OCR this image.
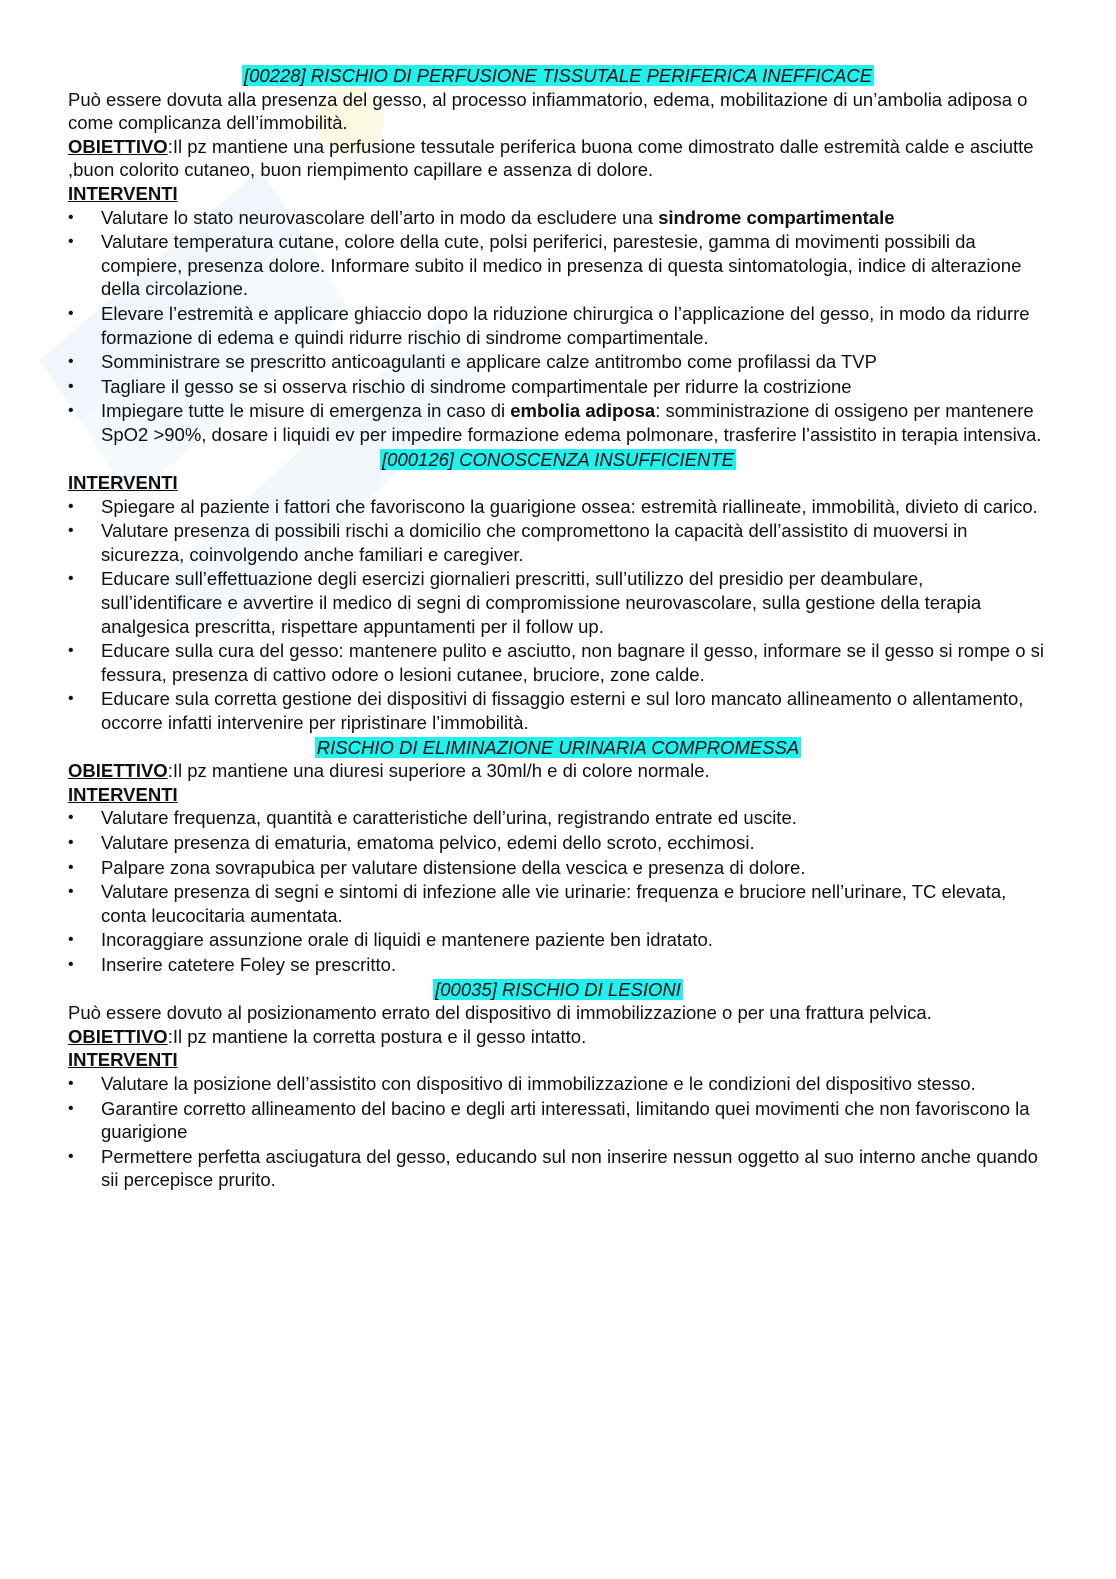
[00228] RISCHIO DI PERFUSIONE TISSUTALE PERIFERICA INEFFICACE

Può essere dovuta alla presenza del gesso, al processo infiammatorio, edema, mobilitazione di un’ambolia adiposa o come complicanza dell’immobilità.

OBIETTIVO:Il pz mantiene una perfusione tessutale periferica buona come dimostrato dalle estremità calde e asciutte ,buon colorito cutaneo, buon riempimento capillare e assenza di dolore.

INTERVENTI

• Valutare lo stato neurovascolare dell’arto in modo da escludere una sindrome compartimentale
• Valutare temperatura cutane, colore della cute, polsi periferici, parestesie, gamma di movimenti possibili da compiere, presenza dolore. Informare subito il medico in presenza di questa sintomatologia, indice di alterazione della circolazione.
• Elevare l’estremità e applicare ghiaccio dopo la riduzione chirurgica o l’applicazione del gesso, in modo da ridurre formazione di edema e quindi ridurre rischio di sindrome compartimentale.
• Somministrare se prescritto anticoagulanti e applicare calze antitrombo come profilassi da TVP
• Tagliare il gesso se si osserva rischio di sindrome compartimentale per ridurre la costrizione
• Impiegare tutte le misure di emergenza in caso di embolia adiposa: somministrazione di ossigeno per mantenere SpO2 >90%, dosare i liquidi ev per impedire formazione edema polmonare, trasferire l’assistito in terapia intensiva.

[000126] CONOSCENZA INSUFFICIENTE

INTERVENTI

• Spiegare al paziente i fattori che favoriscono la guarigione ossea: estremità riallineate, immobilità, divieto di carico.
• Valutare presenza di possibili rischi a domicilio che compromettono la capacità dell’assistito di muoversi in sicurezza, coinvolgendo anche familiari e caregiver.
• Educare sull’effettuazione degli esercizi giornalieri prescritti, sull’utilizzo del presidio per deambulare, sull’identificare e avvertire il medico di segni di compromissione neurovascolare, sulla gestione della terapia analgesica prescritta, rispettare appuntamenti per il follow up.
• Educare sulla cura del gesso: mantenere pulito e asciutto, non bagnare il gesso, informare se il gesso si rompe o si fessura, presenza di cattivo odore o lesioni cutanee, bruciore, zone calde.
• Educare sula corretta gestione dei dispositivi di fissaggio esterni e sul loro mancato allineamento o allentamento, occorre infatti intervenire per ripristinare l’immobilità.

RISCHIO DI ELIMINAZIONE URINARIA COMPROMESSA

OBIETTIVO:Il pz mantiene una diuresi superiore a 30ml/h e di colore normale.

INTERVENTI

• Valutare frequenza, quantità e caratteristiche dell’urina, registrando entrate ed uscite.
• Valutare presenza di ematuria, ematoma pelvico, edemi dello scroto, ecchimosi.
• Palpare zona sovrapubica per valutare distensione della vescica e presenza di dolore.
• Valutare presenza di segni e sintomi di infezione alle vie urinarie: frequenza e bruciore nell’urinare, TC elevata, conta leucocitaria aumentata.
• Incoraggiare assunzione orale di liquidi e mantenere paziente ben idratato.
• Inserire catetere Foley se prescritto.

[00035] RISCHIO DI LESIONI

Può essere dovuto al posizionamento errato del dispositivo di immobilizzazione o per una frattura pelvica.

OBIETTIVO:Il pz mantiene la corretta postura e il gesso intatto.

INTERVENTI

• Valutare la posizione dell’assistito con dispositivo di immobilizzazione e le condizioni del dispositivo stesso.
• Garantire corretto allineamento del bacino e degli arti interessati, limitando quei movimenti che non favoriscono la guarigione
• Permettere perfetta asciugatura del gesso, educando sul non inserire nessun oggetto al suo interno anche quando sii percepisce prurito.
